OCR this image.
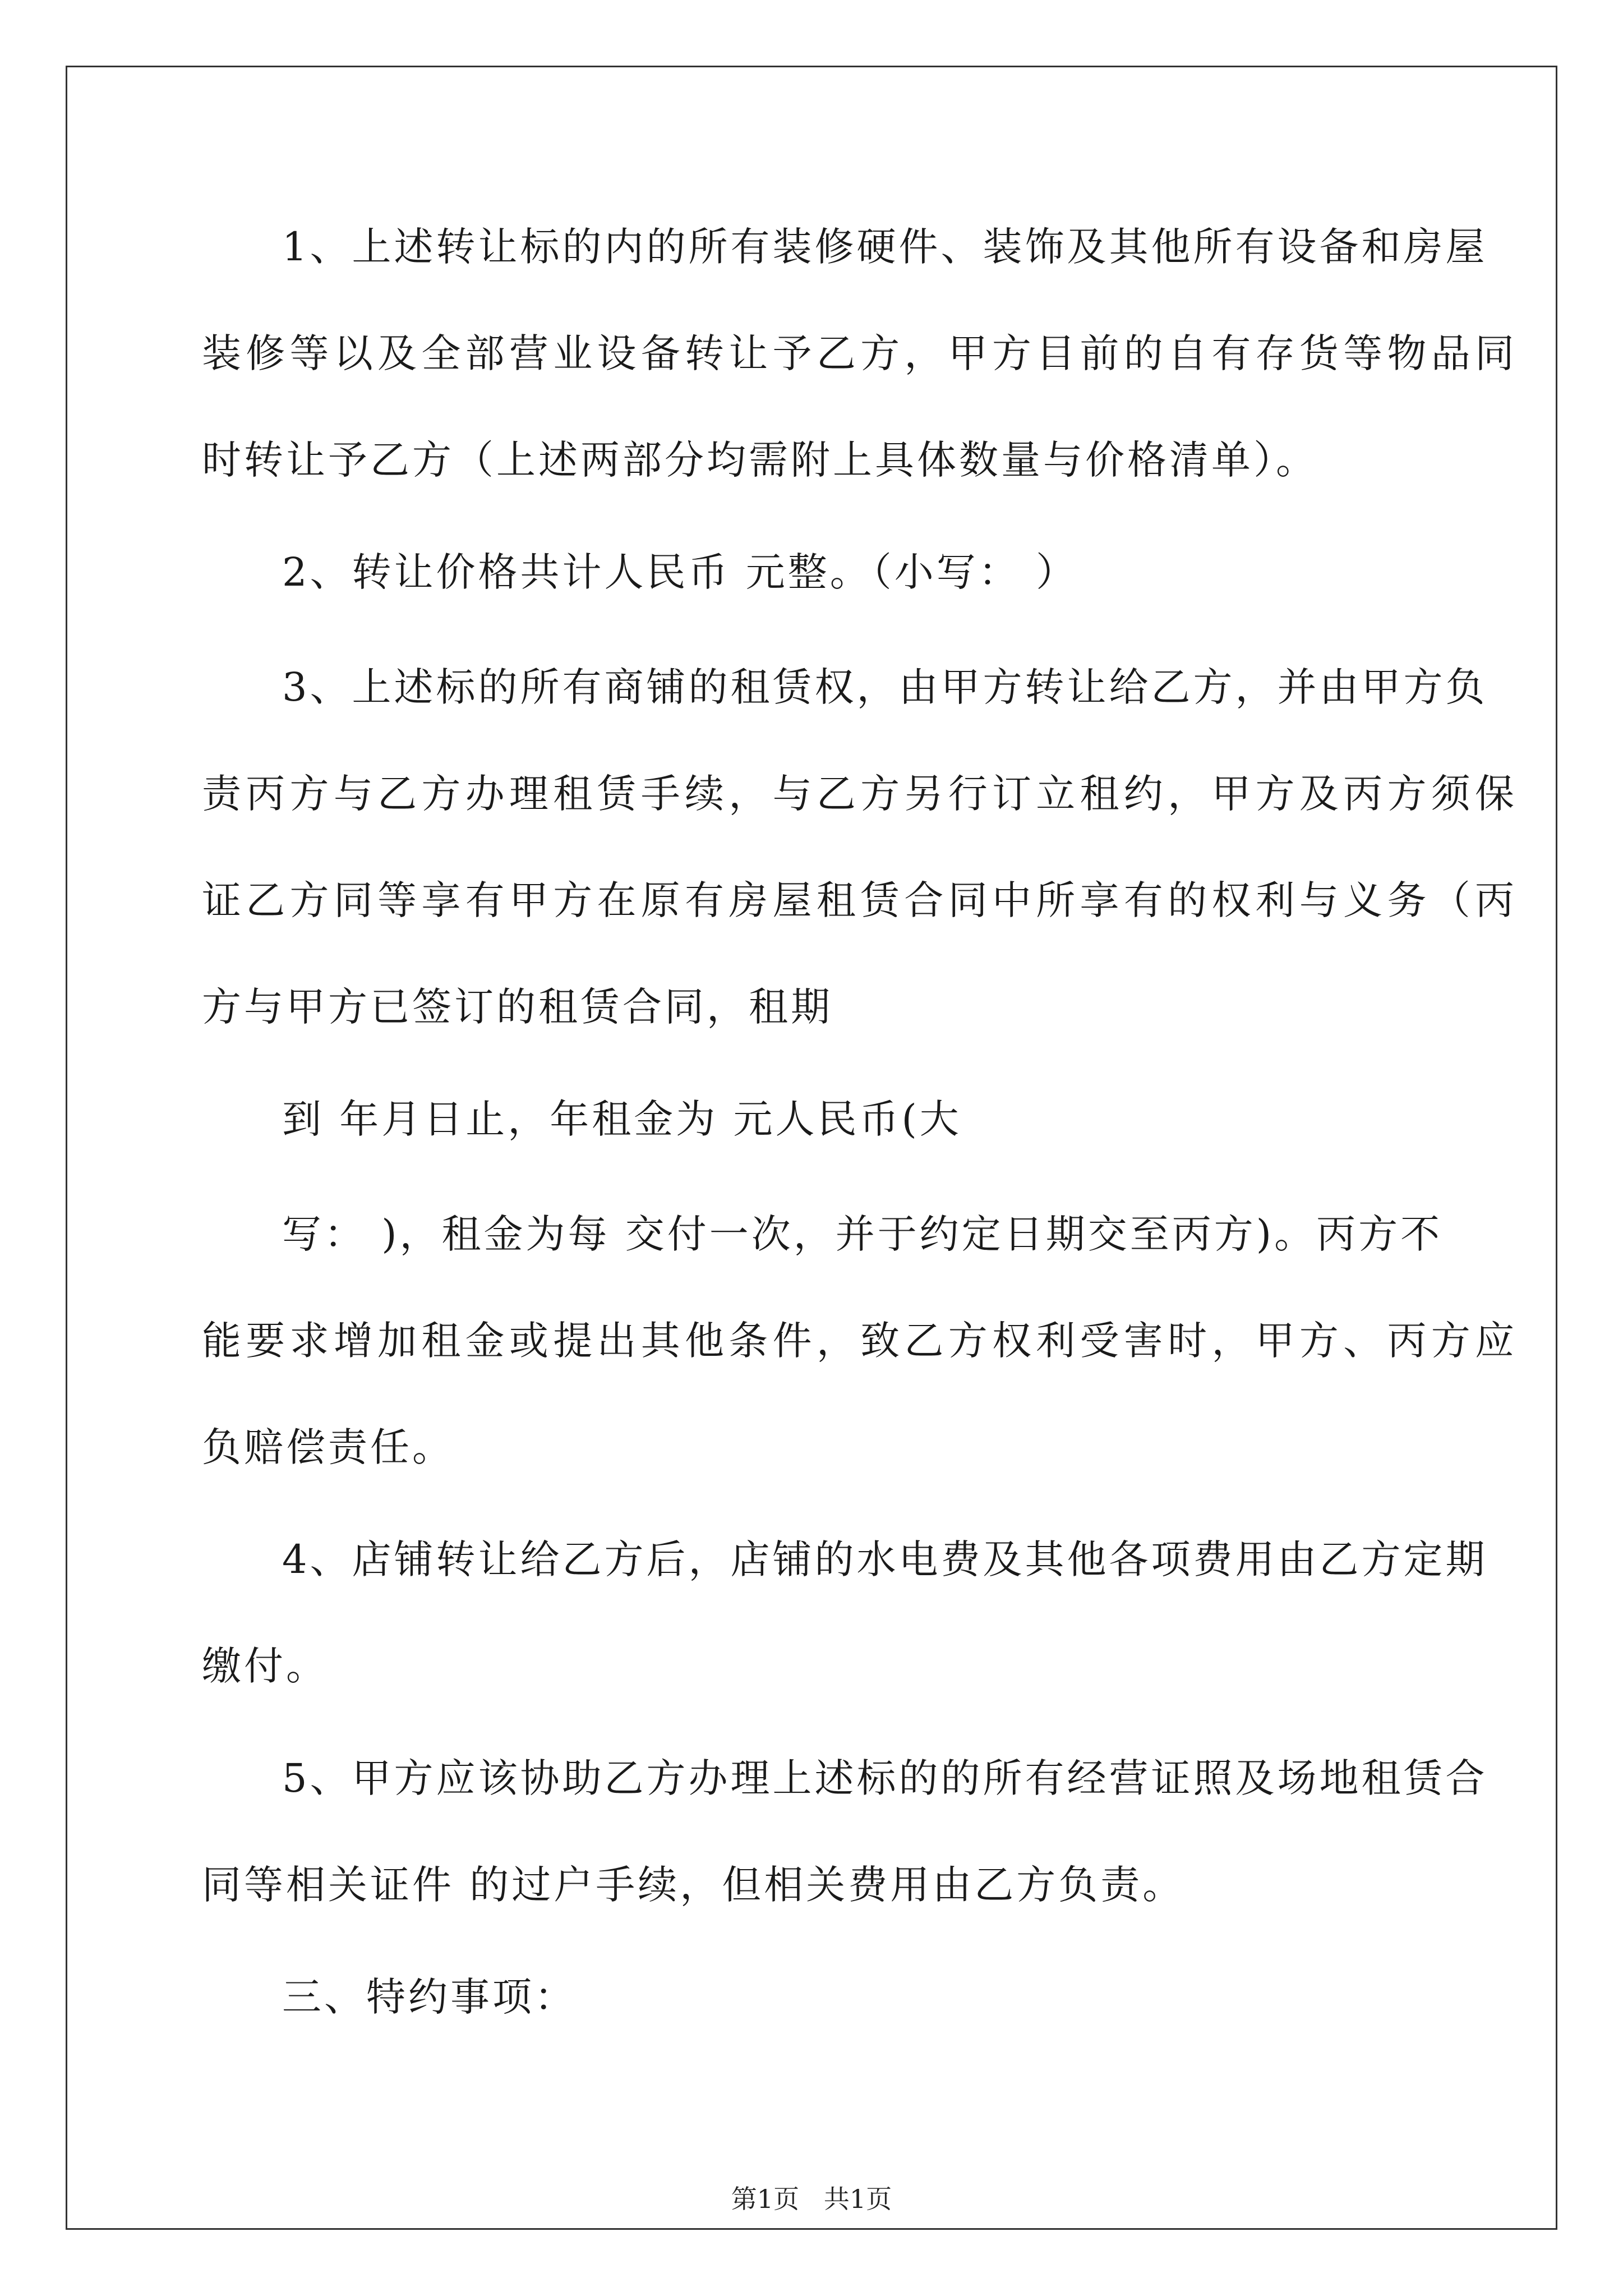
1、上述转让标的内的所有装修硬件、装饰及其他所有设备和房屋
装修等以及全部营业设备转让予乙方，甲方目前的自有存货等物品同
时转让予乙方（上述两部分均需附上具体数量与价格清单）。
2、转让价格共计人民币 元整。（小写： ）
3、上述标的所有商铺的租赁权，由甲方转让给乙方，并由甲方负
责丙方与乙方办理租赁手续，与乙方另行订立租约，甲方及丙方须保
证乙方同等享有甲方在原有房屋租赁合同中所享有的权利与义务（丙
方与甲方已签订的租赁合同，租期
到 年月日止，年租金为 元人民币(大
写： )，租金为每 交付一次，并于约定日期交至丙方)。丙方不
能要求增加租金或提出其他条件，致乙方权利受害时，甲方、丙方应
负赔偿责任。
4、店铺转让给乙方后，店铺的水电费及其他各项费用由乙方定期
缴付。
5、甲方应该协助乙方办理上述标的的所有经营证照及场地租赁合
同等相关证件 的过户手续，但相关费用由乙方负责。
三、特约事项：
第1页   共1页
